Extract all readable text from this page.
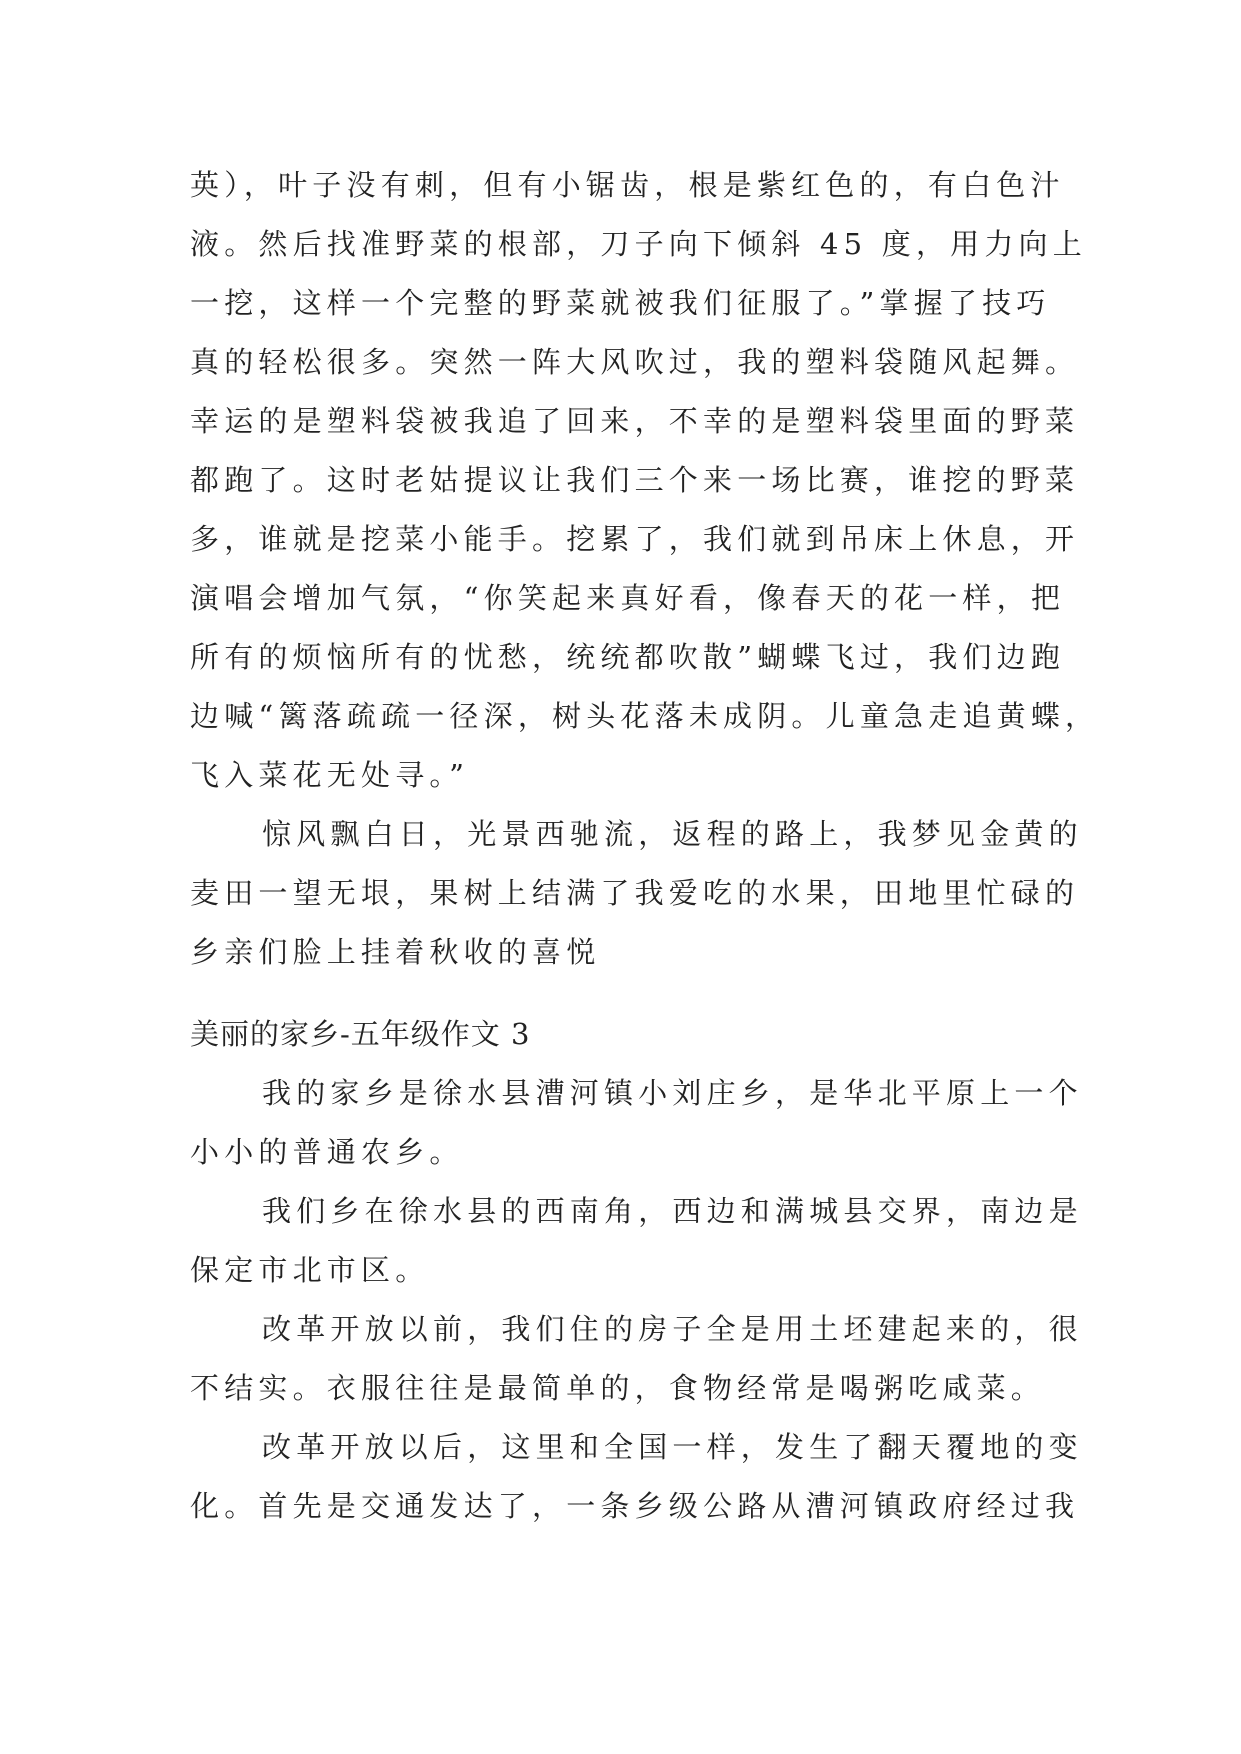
英），叶子没有刺，但有小锯齿，根是紫红色的，有白色汁
液。然后找准野菜的根部，刀子向下倾斜 45 度，用力向上
一挖，这样一个完整的野菜就被我们征服了。”掌握了技巧
真的轻松很多。突然一阵大风吹过，我的塑料袋随风起舞。
幸运的是塑料袋被我追了回来，不幸的是塑料袋里面的野菜
都跑了。这时老姑提议让我们三个来一场比赛，谁挖的野菜
多，谁就是挖菜小能手。挖累了，我们就到吊床上休息，开
演唱会增加气氛，“你笑起来真好看，像春天的花一样，把
所有的烦恼所有的忧愁，统统都吹散”蝴蝶飞过，我们边跑
边喊“篱落疏疏一径深，树头花落未成阴。儿童急走追黄蝶，
飞入菜花无处寻。”
惊风飘白日，光景西驰流，返程的路上，我梦见金黄的
麦田一望无垠，果树上结满了我爱吃的水果，田地里忙碌的
乡亲们脸上挂着秋收的喜悦
美丽的家乡-五年级作文 3
我的家乡是徐水县漕河镇小刘庄乡，是华北平原上一个
小小的普通农乡。
我们乡在徐水县的西南角，西边和满城县交界，南边是
保定市北市区。
改革开放以前，我们住的房子全是用土坯建起来的，很
不结实。衣服往往是最简单的，食物经常是喝粥吃咸菜。
改革开放以后，这里和全国一样，发生了翻天覆地的变
化。首先是交通发达了，一条乡级公路从漕河镇政府经过我
